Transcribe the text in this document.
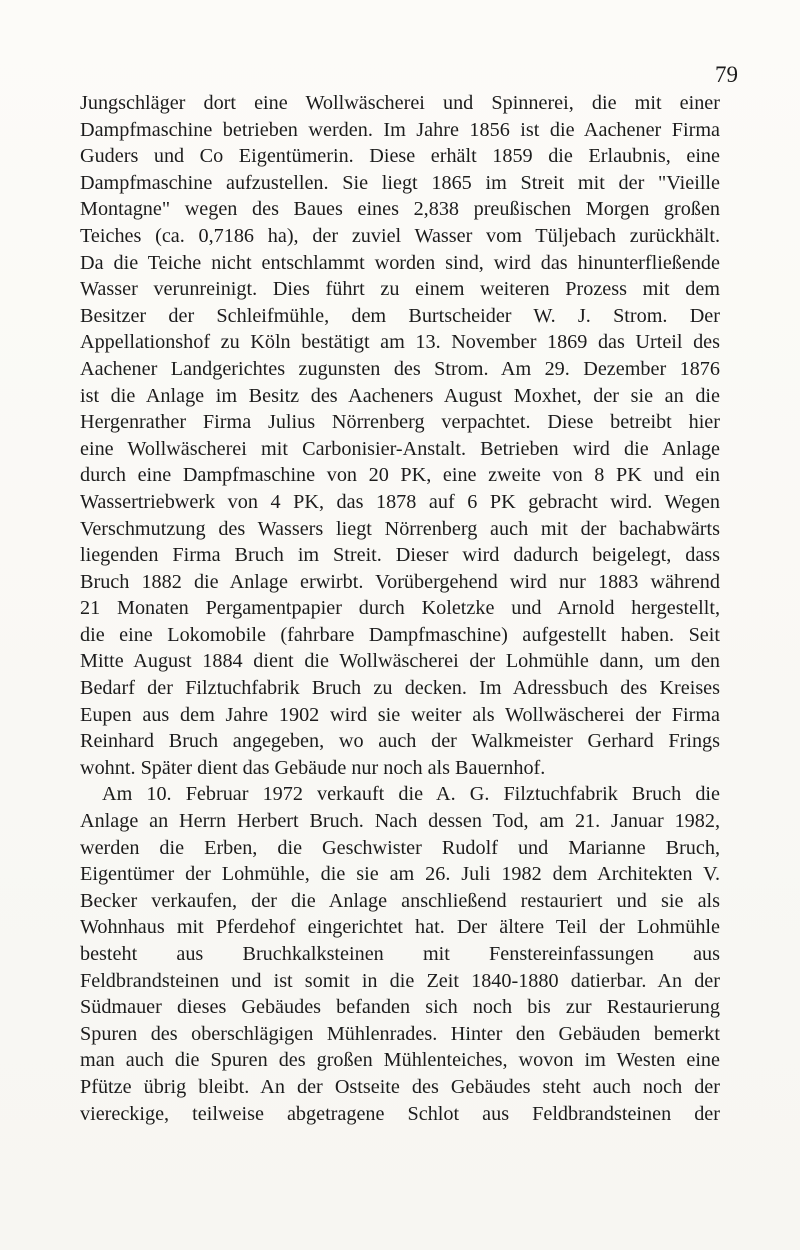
79
Jungschläger dort eine Wollwäscherei und Spinnerei, die mit einer
Dampfmaschine betrieben werden. Im Jahre 1856 ist die Aachener Firma
Guders und Co Eigentümerin. Diese erhält 1859 die Erlaubnis, eine
Dampfmaschine aufzustellen. Sie liegt 1865 im Streit mit der "Vieille
Montagne" wegen des Baues eines 2,838 preußischen Morgen großen
Teiches (ca. 0,7186 ha), der zuviel Wasser vom Tüljebach zurückhält.
Da die Teiche nicht entschlammt worden sind, wird das hinunterfließende
Wasser verunreinigt. Dies führt zu einem weiteren Prozess mit dem
Besitzer der Schleifmühle, dem Burtscheider W. J. Strom. Der
Appellationshof zu Köln bestätigt am 13. November 1869 das Urteil des
Aachener Landgerichtes zugunsten des Strom. Am 29. Dezember 1876
ist die Anlage im Besitz des Aacheners August Moxhet, der sie an die
Hergenrather Firma Julius Nörrenberg verpachtet. Diese betreibt hier
eine Wollwäscherei mit Carbonisier-Anstalt. Betrieben wird die Anlage
durch eine Dampfmaschine von 20 PK, eine zweite von 8 PK und ein
Wassertriebwerk von 4 PK, das 1878 auf 6 PK gebracht wird. Wegen
Verschmutzung des Wassers liegt Nörrenberg auch mit der bachabwärts
liegenden Firma Bruch im Streit. Dieser wird dadurch beigelegt, dass
Bruch 1882 die Anlage erwirbt. Vorübergehend wird nur 1883 während
21 Monaten Pergamentpapier durch Koletzke und Arnold hergestellt,
die eine Lokomobile (fahrbare Dampfmaschine) aufgestellt haben. Seit
Mitte August 1884 dient die Wollwäscherei der Lohmühle dann, um den
Bedarf der Filztuchfabrik Bruch zu decken. Im Adressbuch des Kreises
Eupen aus dem Jahre 1902 wird sie weiter als Wollwäscherei der Firma
Reinhard Bruch angegeben, wo auch der Walkmeister Gerhard Frings
wohnt. Später dient das Gebäude nur noch als Bauernhof.
Am 10. Februar 1972 verkauft die A. G. Filztuchfabrik Bruch die
Anlage an Herrn Herbert Bruch. Nach dessen Tod, am 21. Januar 1982,
werden die Erben, die Geschwister Rudolf und Marianne Bruch,
Eigentümer der Lohmühle, die sie am 26. Juli 1982 dem Architekten V.
Becker verkaufen, der die Anlage anschließend restauriert und sie als
Wohnhaus mit Pferdehof eingerichtet hat. Der ältere Teil der Lohmühle
besteht aus Bruchkalksteinen mit Fenstereinfassungen aus
Feldbrandsteinen und ist somit in die Zeit 1840-1880 datierbar. An der
Südmauer dieses Gebäudes befanden sich noch bis zur Restaurierung
Spuren des oberschlägigen Mühlenrades. Hinter den Gebäuden bemerkt
man auch die Spuren des großen Mühlenteiches, wovon im Westen eine
Pfütze übrig bleibt. An der Ostseite des Gebäudes steht auch noch der
viereckige, teilweise abgetragene Schlot aus Feldbrandsteinen der
